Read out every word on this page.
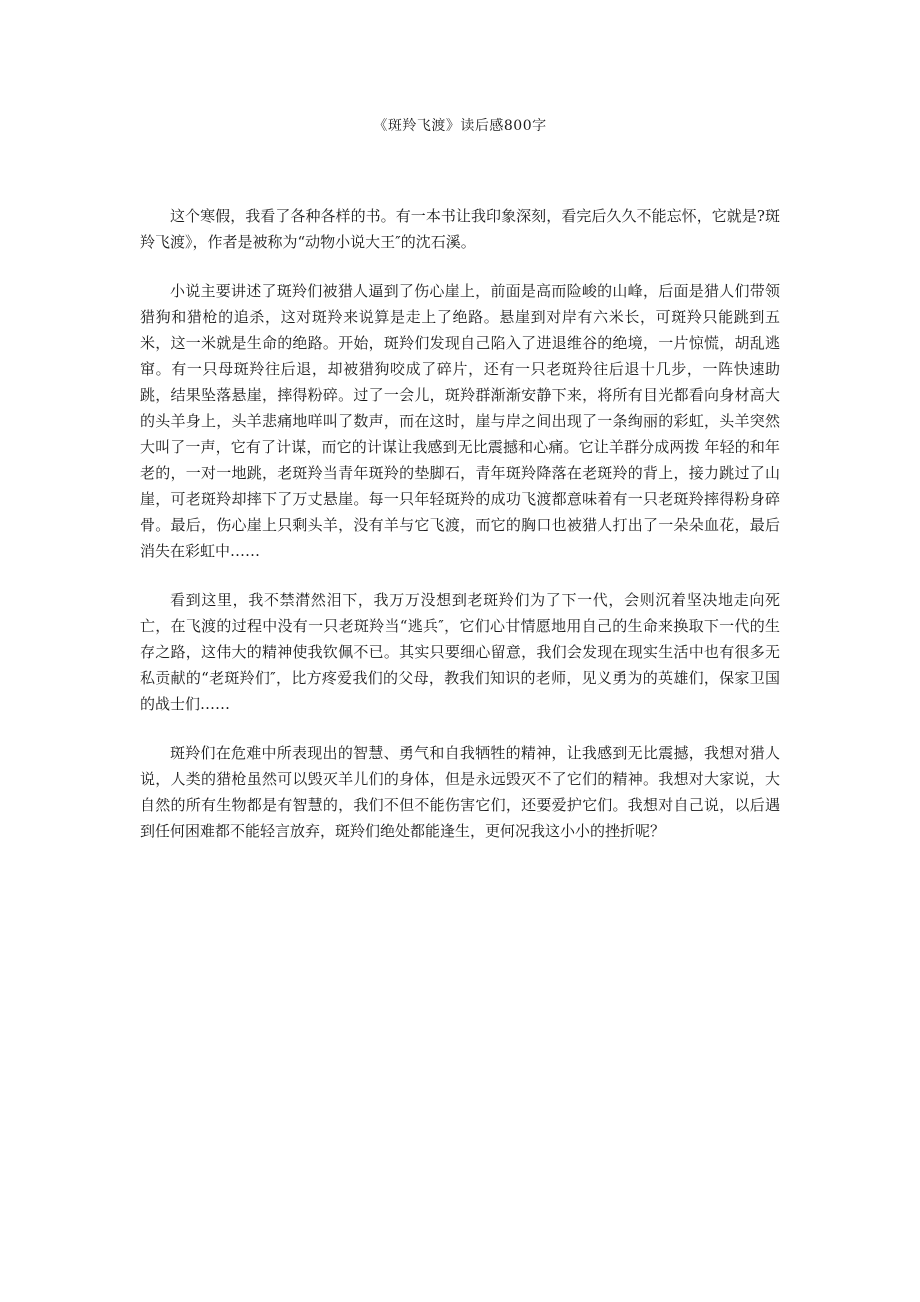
《斑羚飞渡》读后感800字

这个寒假，我看了各种各样的书。有一本书让我印象深刻，看完后久久不能忘怀，它就是?斑羚飞渡》，作者是被称为“动物小说大王″的沈石溪。

小说主要讲述了斑羚们被猎人逼到了伤心崖上，前面是高而险峻的山峰，后面是猎人们带领猎狗和猎枪的追杀，这对斑羚来说算是走上了绝路。悬崖到对岸有六米长，可斑羚只能跳到五米，这一米就是生命的绝路。开始，斑羚们发现自己陷入了进退维谷的绝境，一片惊慌，胡乱逃窜。有一只母斑羚往后退，却被猎狗咬成了碎片，还有一只老斑羚往后退十几步，一阵快速助跳，结果坠落悬崖，摔得粉碎。过了一会儿，斑羚群渐渐安静下来，将所有目光都看向身材高大的头羊身上，头羊悲痛地咩叫了数声，而在这时，崖与岸之间出现了一条绚丽的彩虹，头羊突然大叫了一声，它有了计谋，而它的计谋让我感到无比震撼和心痛。它让羊群分成两拨 年轻的和年老的，一对一地跳，老斑羚当青年斑羚的垫脚石，青年斑羚降落在老斑羚的背上，接力跳过了山崖，可老斑羚却摔下了万丈悬崖。每一只年轻斑羚的成功飞渡都意味着有一只老斑羚摔得粉身碎骨。最后，伤心崖上只剩头羊，没有羊与它飞渡，而它的胸口也被猎人打出了一朵朵血花，最后消失在彩虹中……

看到这里，我不禁潸然泪下，我万万没想到老斑羚们为了下一代，会则沉着坚决地走向死亡，在飞渡的过程中没有一只老斑羚当“逃兵″，它们心甘情愿地用自己的生命来换取下一代的生存之路，这伟大的精神使我钦佩不已。其实只要细心留意，我们会发现在现实生活中也有很多无私贡献的“老斑羚们″，比方疼爱我们的父母，教我们知识的老师，见义勇为的英雄们，保家卫国的战士们……

斑羚们在危难中所表现出的智慧、勇气和自我牺牲的精神，让我感到无比震撼，我想对猎人说，人类的猎枪虽然可以毁灭羊儿们的身体，但是永远毁灭不了它们的精神。我想对大家说，大自然的所有生物都是有智慧的，我们不但不能伤害它们，还要爱护它们。我想对自己说，以后遇到任何困难都不能轻言放弃，斑羚们绝处都能逢生，更何况我这小小的挫折呢？
